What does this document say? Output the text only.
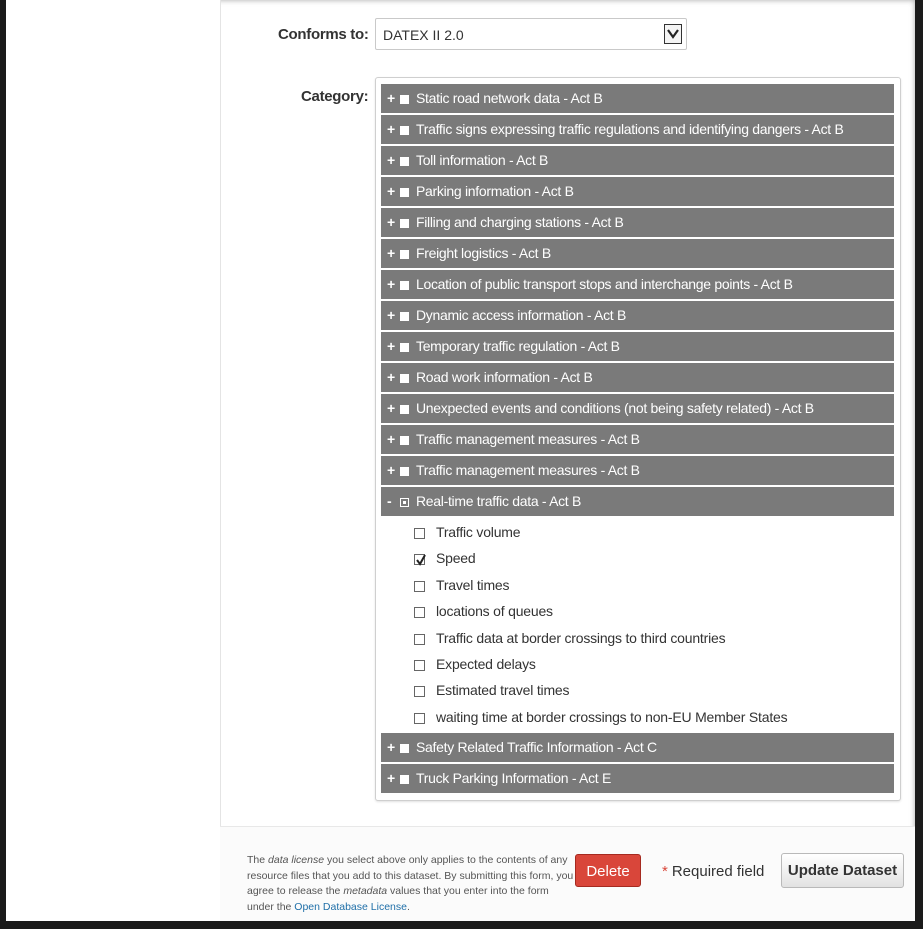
Conforms to: DATEX II 2.0
Category: + Static road network data - Act B
+ Traffic signs expressing traffic regulations and identifying dangers - Act B
+ Toll information - Act B
+ Parking information - Act B
+ Filling and charging stations - Act B
+ Freight logistics - Act B
+ Location of public transport stops and interchange points - Act B
+ Dynamic access information - Act B
+ Temporary traffic regulation - Act B
+ Road work information - Act B
+ Unexpected events and conditions (not being safety related) - Act B
+ Traffic management measures - Act B
+ Traffic management measures - Act B
-	Real-time traffic data - Act B
Traffic volume
Speed
Travel times
locations of queues
Traffic data at border crossings to third countries
Expected delays
Estimated travel times
waiting time at border crossings to non-EU Member States
+ Safety Related Traffic Information - Act C
+ Truck Parking Information - Act E
The data license you select above only applies to the contents of any resource files that you add to this dataset. By submitting this form, you agree to release the metadata values that you enter into the form under the Open Database License.
Delete	* Required field	Update Dataset
